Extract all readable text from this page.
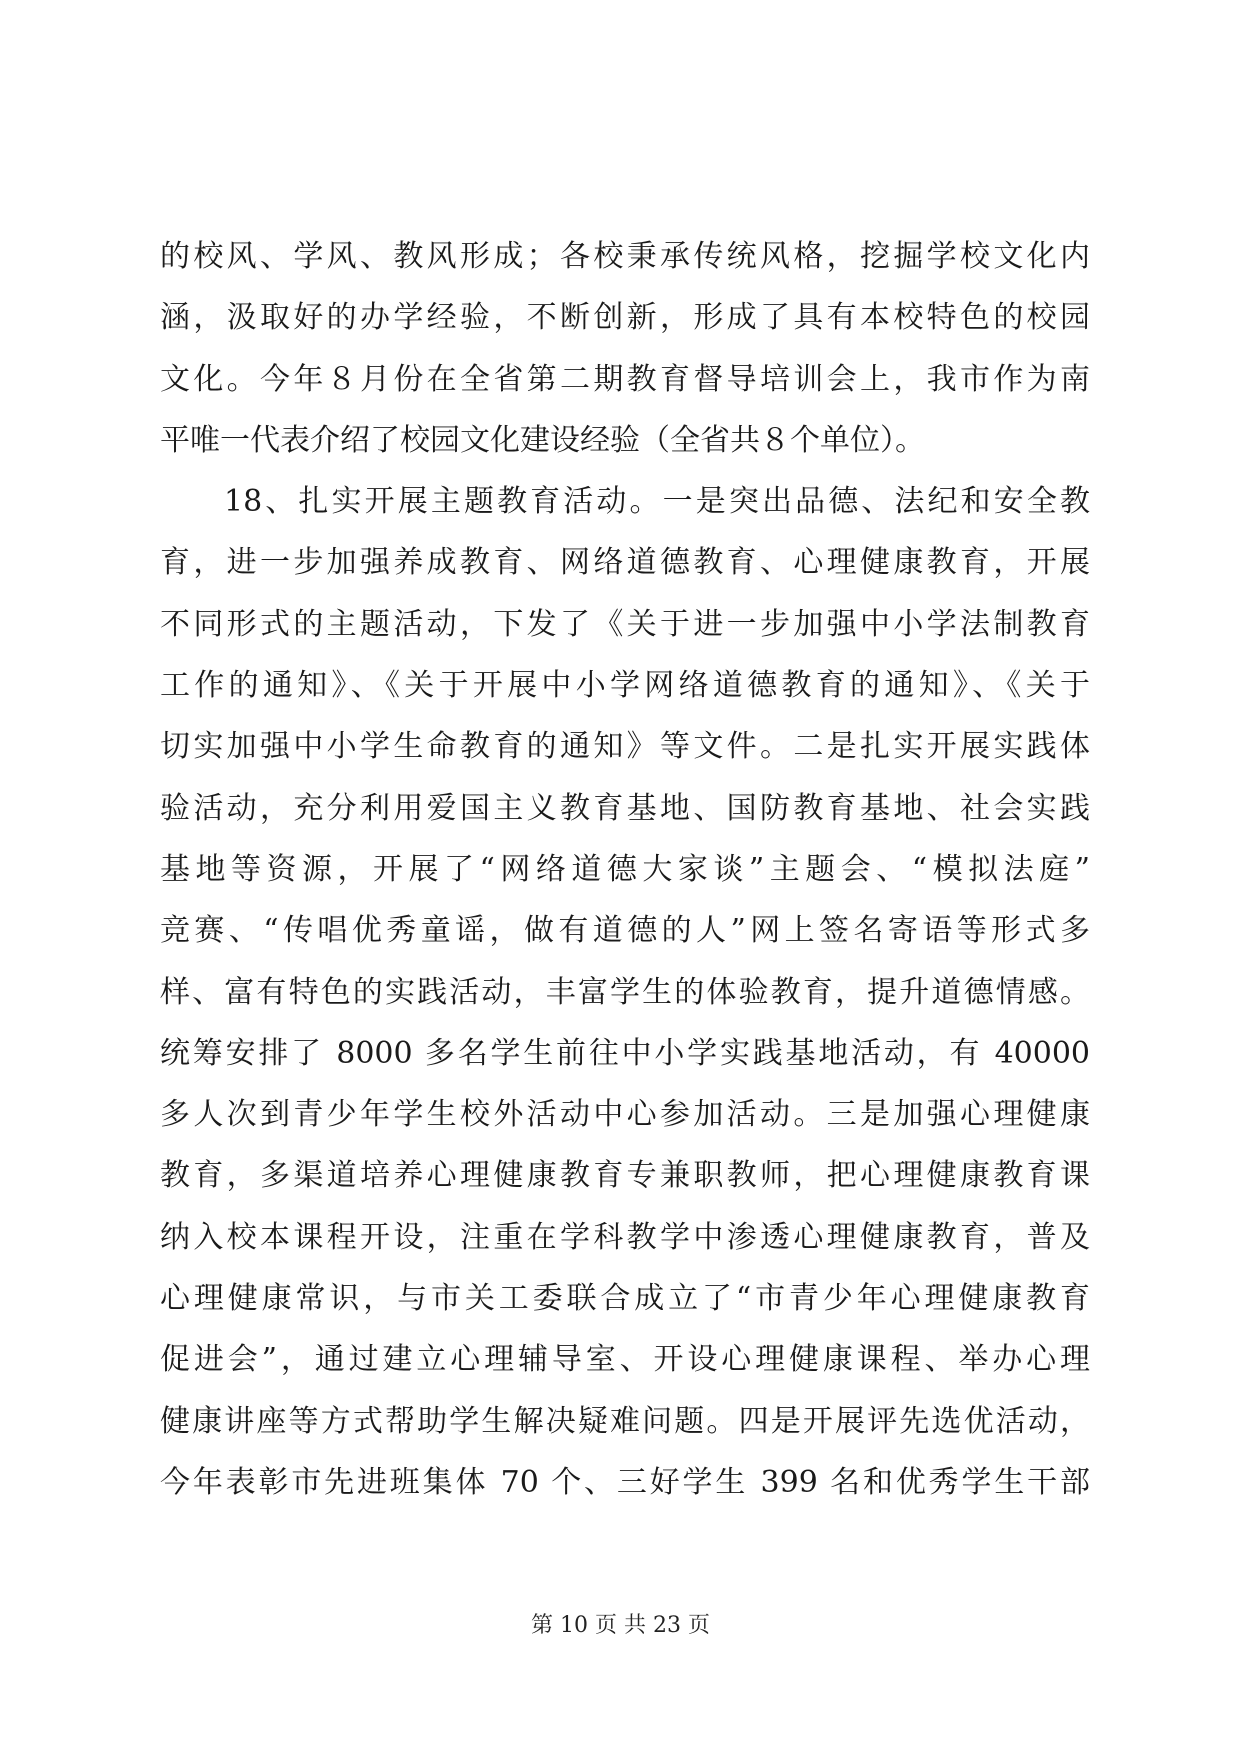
的校风、学风、教风形成；各校秉承传统风格，挖掘学校文化内
涵，汲取好的办学经验，不断创新，形成了具有本校特色的校园
文化。今年８月份在全省第二期教育督导培训会上，我市作为南
平唯一代表介绍了校园文化建设经验（全省共８个单位）。
18、扎实开展主题教育活动。一是突出品德、法纪和安全教
育，进一步加强养成教育、网络道德教育、心理健康教育，开展
不同形式的主题活动，下发了《关于进一步加强中小学法制教育
工作的通知》、《关于开展中小学网络道德教育的通知》、《关于
切实加强中小学生命教育的通知》等文件。二是扎实开展实践体
验活动，充分利用爱国主义教育基地、国防教育基地、社会实践
基地等资源，开展了“网络道德大家谈”主题会、“模拟法庭”
竞赛、“传唱优秀童谣，做有道德的人”网上签名寄语等形式多
样、富有特色的实践活动，丰富学生的体验教育，提升道德情感。
统筹安排了 8000 多名学生前往中小学实践基地活动，有 40000
多人次到青少年学生校外活动中心参加活动。三是加强心理健康
教育，多渠道培养心理健康教育专兼职教师，把心理健康教育课
纳入校本课程开设，注重在学科教学中渗透心理健康教育，普及
心理健康常识，与市关工委联合成立了“市青少年心理健康教育
促进会”，通过建立心理辅导室、开设心理健康课程、举办心理
健康讲座等方式帮助学生解决疑难问题。四是开展评先选优活动，
今年表彰市先进班集体 70 个、三好学生 399 名和优秀学生干部
第 10 页 共 23 页
